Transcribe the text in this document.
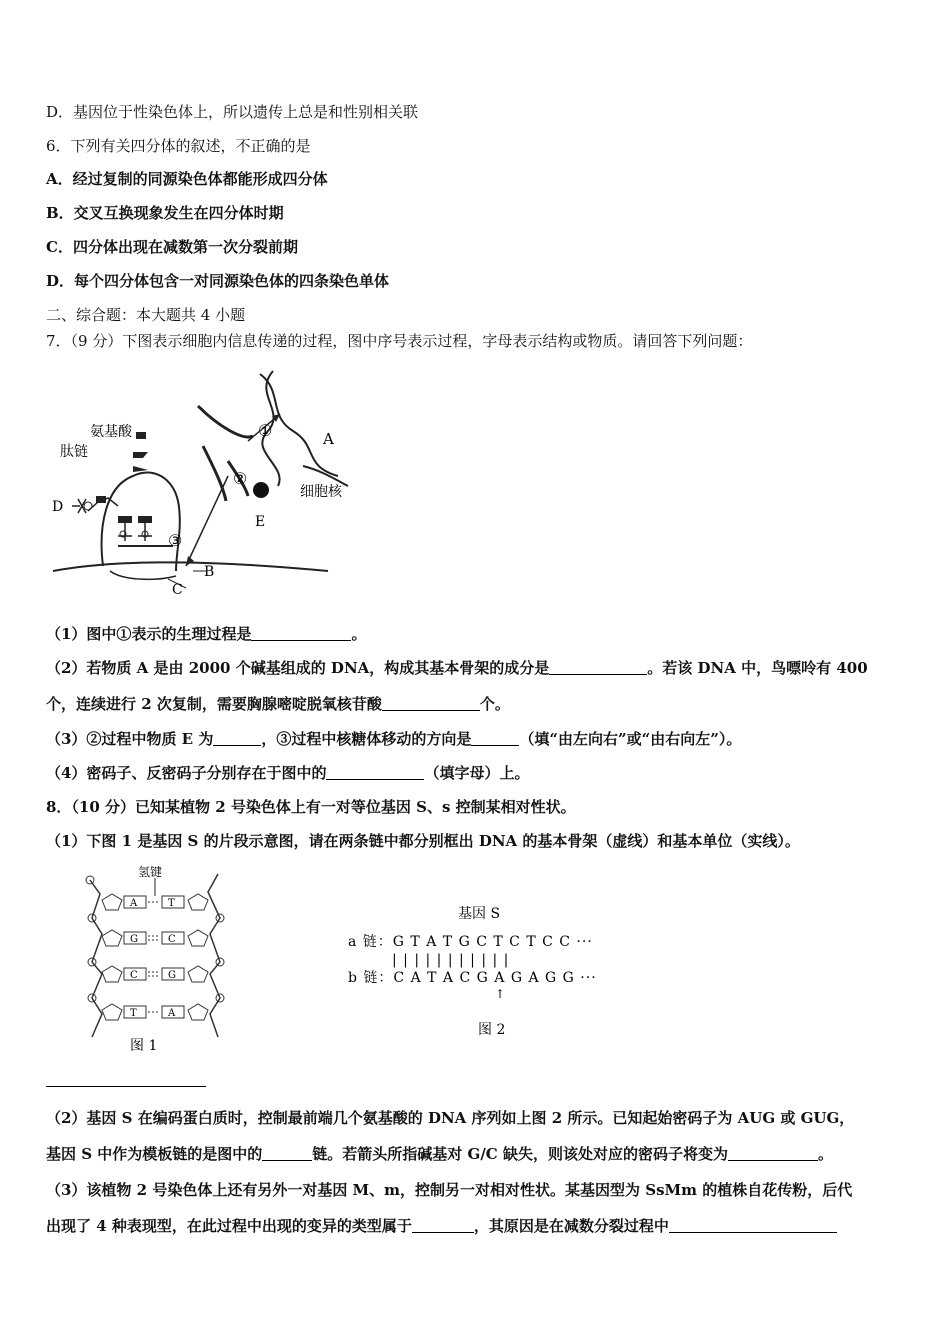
D．基因位于性染色体上，所以遗传上总是和性别相关联
6．下列有关四分体的叙述，不正确的是
A．经过复制的同源染色体都能形成四分体
B．交叉互换现象发生在四分体时期
C．四分体出现在减数第一次分裂前期
D．每个四分体包含一对同源染色体的四条染色单体
二、综合题：本大题共 4 小题
7．（9 分）下图表示细胞内信息传递的过程，图中序号表示过程，字母表示结构或物质。请回答下列问题：
D
氨基酸
肽链
B
C
③
①
②
A
E
细胞核
（1）图中①表示的生理过程是	。
（2）若物质 A 是由 2000 个碱基组成的 DNA，构成其基本骨架的成分是	。若该 DNA 中，鸟嘌呤有 400
个，连续进行 2 次复制，需要胸腺嘧啶脱氧核苷酸	个。
（3）②过程中物质 E 为	，③过程中核糖体移动的方向是	（填“由左向右”或“由右向左”）。
（4）密码子、反密码子分别存在于图中的	（填字母）上。
8．（10 分）已知某植物 2 号染色体上有一对等位基因 S、s 控制某相对性状。
（1）下图 1 是基因 S 的片段示意图，请在两条链中都分别框出 DNA 的基本骨架（虚线）和基本单位（实线）。
氢键
A	T
G	C
C	G
T	A
图 1
基因 S
a 链：G T A T G C T C T C C ···
| | | | | | | | | | |
b 链：C A T A C G A G A G G ···
↑
图 2
（2）基因 S 在编码蛋白质时，控制最前端几个氨基酸的 DNA 序列如上图 2 所示。已知起始密码子为 AUG 或 GUG，
基因 S 中作为模板链的是图中的	链。若箭头所指碱基对 G/C 缺失，则该处对应的密码子将变为	。
（3）该植物 2 号染色体上还有另外一对基因 M、m，控制另一对相对性状。某基因型为 SsMm 的植株自花传粉，后代
出现了 4 种表现型，在此过程中出现的变异的类型属于	，其原因是在减数分裂过程中
